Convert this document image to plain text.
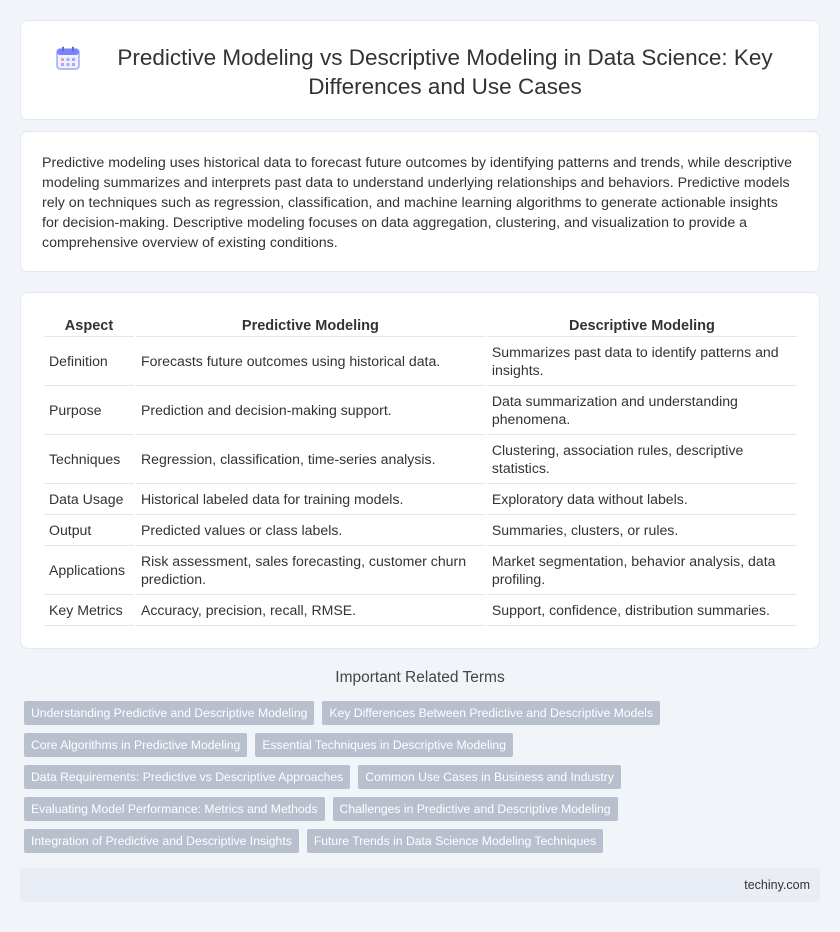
Predictive Modeling vs Descriptive Modeling in Data Science: Key Differences and Use Cases

Predictive modeling uses historical data to forecast future outcomes by identifying patterns and trends, while descriptive modeling summarizes and interprets past data to understand underlying relationships and behaviors. Predictive models rely on techniques such as regression, classification, and machine learning algorithms to generate actionable insights for decision-making. Descriptive modeling focuses on data aggregation, clustering, and visualization to provide a comprehensive overview of existing conditions.

Aspect	Predictive Modeling	Descriptive Modeling
Definition	Forecasts future outcomes using historical data.	Summarizes past data to identify patterns and insights.
Purpose	Prediction and decision-making support.	Data summarization and understanding phenomena.
Techniques	Regression, classification, time-series analysis.	Clustering, association rules, descriptive statistics.
Data Usage	Historical labeled data for training models.	Exploratory data without labels.
Output	Predicted values or class labels.	Summaries, clusters, or rules.
Applications	Risk assessment, sales forecasting, customer churn prediction.	Market segmentation, behavior analysis, data profiling.
Key Metrics	Accuracy, precision, recall, RMSE.	Support, confidence, distribution summaries.
Important Related Terms
Understanding Predictive and Descriptive Modeling	Key Differences Between Predictive and Descriptive Models
Core Algorithms in Predictive Modeling	Essential Techniques in Descriptive Modeling
Data Requirements: Predictive vs Descriptive Approaches	Common Use Cases in Business and Industry
Evaluating Model Performance: Metrics and Methods	Challenges in Predictive and Descriptive Modeling
Integration of Predictive and Descriptive Insights	Future Trends in Data Science Modeling Techniques
techiny.com
